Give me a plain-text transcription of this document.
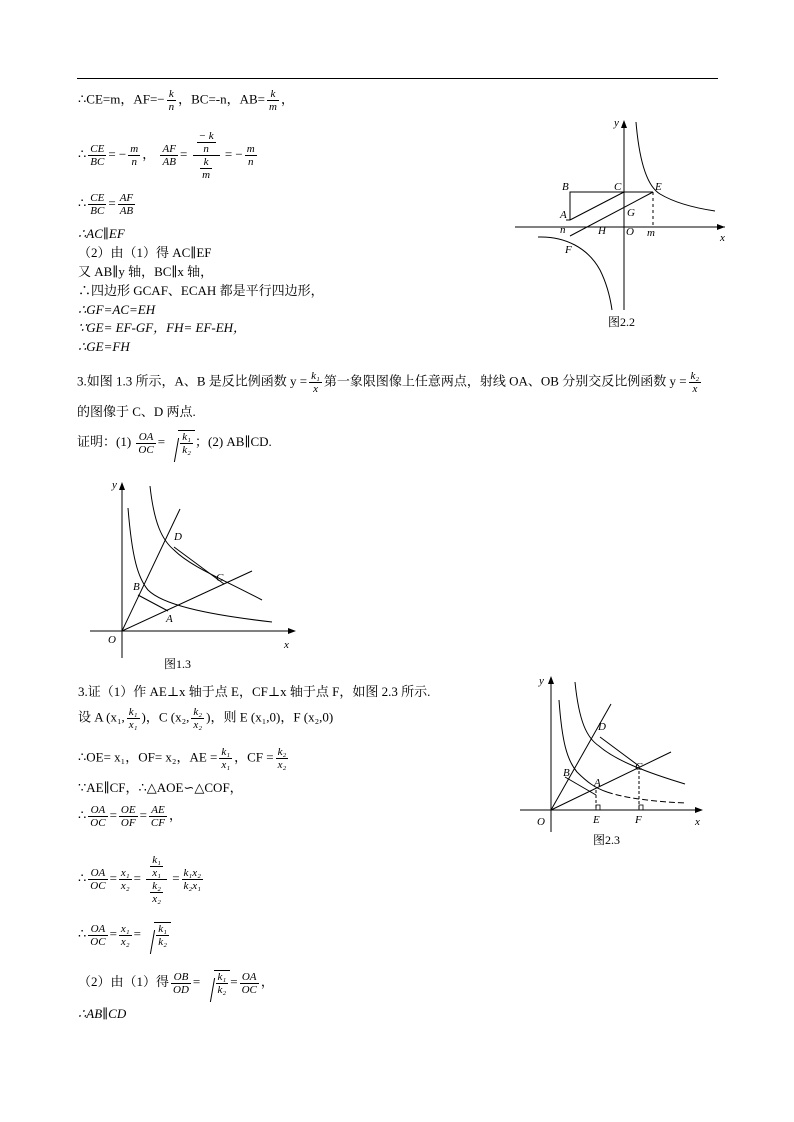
∴CE=m，$AF=- \frac{k}{n}$ ，BC=-n，$AB= \frac{k}{m}$ ，
∴ $\frac{CE}{BC}$ = − $\frac{m}{n}$ ， $\frac{AF}{AB} = \frac{\frac{- k}{n}}{\frac{k}{m}}$ = − $\frac{m}{n}$
∴ $\frac{CE}{BC} = \frac{AF}{AB}$
∴AC∥EF
（2）由（1）得 AC∥EF
又 AB∥y 轴，BC∥x 轴，
∴四边形 GCAF、ECAH 都是平行四边形，
∴GF=AC=EH
∵GE= EF-GF，FH= EF-EH，
∴GE=FH
y
x
B	C	E
A
n	H O
G
m
F
图2.2
3.如图 1.3 所示，A、B 是反比例函数 $y = \frac{\text{k₁}}{x}$ 第一象限图像上任意两点，射线 OA、OB 分别交反比例函数 $y = \frac{\text{k₂}}{x}$
的图像于 C、D 两点.
证明：$(1) \frac{OA}{OC} = \frac{\text{k₁}}{\text{k₂}}$ ；(2) AB∥CD.
y
x
D
C
B
A
O
图1.3
3.证（1）作 AE⊥x 轴于点 E，CF⊥x 轴于点 F，如图 2.3 所示.
设 A (x₁, $\frac{\text{k₁}}{\text{x₁}}$ )，C (x₂, $\frac{\text{k₂}}{\text{x₂}}$ )，则 E (x₁,0)，F (x₂,0)
∴OE= x₁，OF= x₂，AE = $\frac{\text{k₁}}{\text{x₁}}$ ，CF = $\frac{\text{k₂}}{\text{x₂}}$
∵AE∥CF，∴△AOE∽△COF，
∴ $\frac{OA}{OC} = \frac{OE}{OF} = \frac{AE}{CF}$ ，
∴ $\frac{OA}{OC} = \frac{\text{x₁}}{\text{x₂}} = \frac{\frac{\text{k₁}}{\text{x₁}}}{\frac{\text{k₂}}{\text{x₂}}} = \frac{\text{k₁x₂}}{\text{k₂x₁}}$
∴ $\frac{OA}{OC} = \frac{\text{x₁}}{\text{x₂}} = \frac{\text{k₁}}{\text{k₂}}$
（2）由（1）得 $\frac{OB}{OD} = \frac{\text{k₁}}{\text{k₂}} = \frac{OA}{OC}$ ，
∴AB∥CD
y
x
D
C
B
A
O	E	F
图2.3
